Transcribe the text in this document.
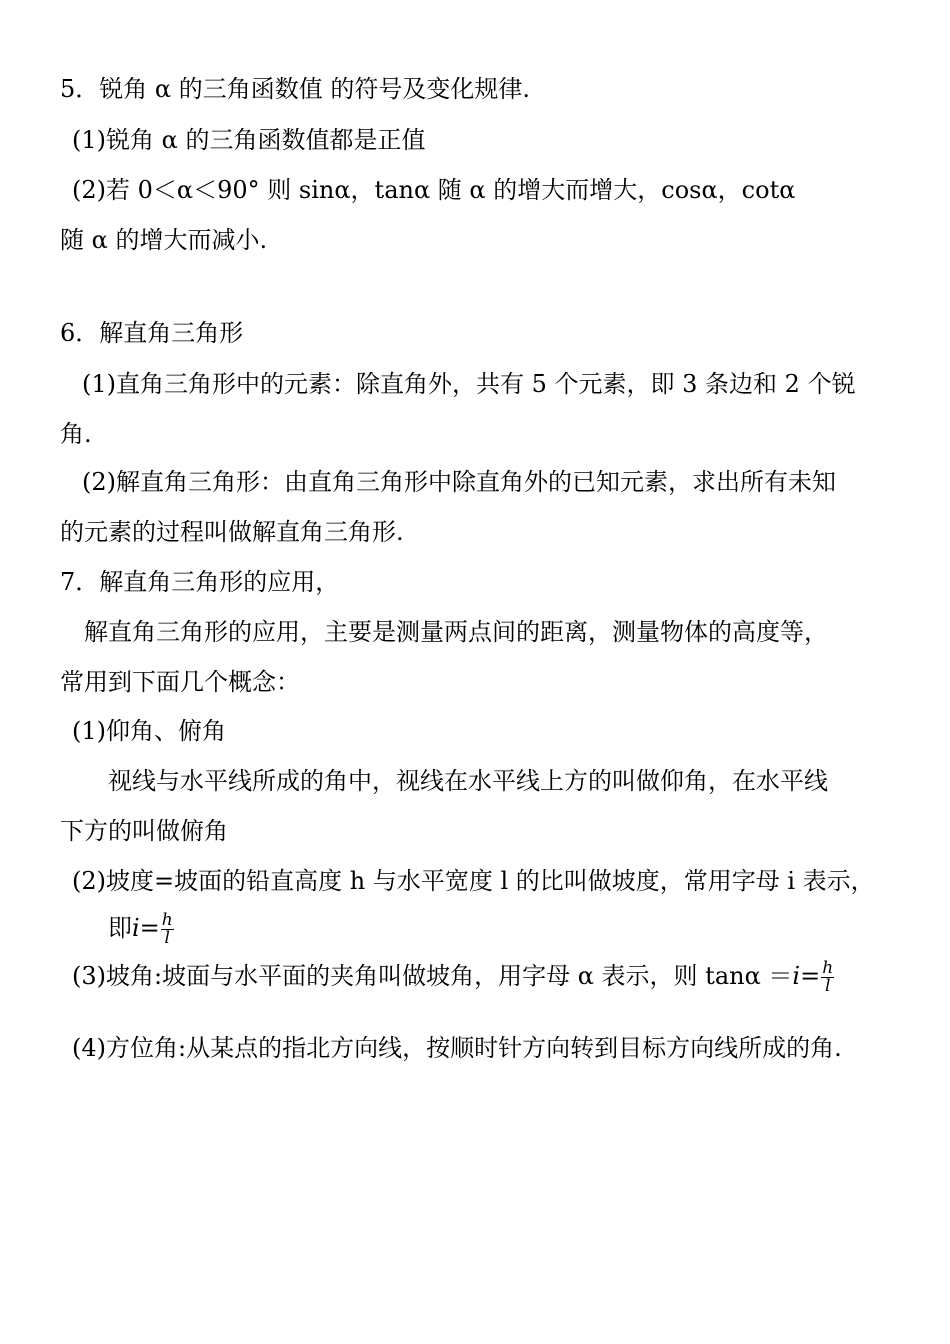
5．锐角 α 的三角函数值 的符号及变化规律.
(1)锐角 α 的三角函数值都是正值
(2)若 0＜α＜90° 则 sinα，tanα 随 α 的增大而增大，cosα，cotα
随 α 的增大而减小.
6．解直角三角形
(1)直角三角形中的元素：除直角外，共有 5 个元素，即 3 条边和 2 个锐
角.
(2)解直角三角形：由直角三角形中除直角外的已知元素，求出所有未知
的元素的过程叫做解直角三角形.
7．解直角三角形的应用，
解直角三角形的应用，主要是测量两点间的距离，测量物体的高度等，
常用到下面几个概念：
(1)仰角、俯角
视线与水平线所成的角中，视线在水平线上方的叫做仰角，在水平线
下方的叫做俯角
(2)坡度=坡面的铅直高度 h 与水平宽度 l 的比叫做坡度，常用字母 i 表示，
即$i= \frac{h}{l}$
(3)坡角:坡面与水平面的夹角叫做坡角，用字母 α 表示，则 $\tan\alpha =i= \frac{h}{l}$
(4)方位角:从某点的指北方向线，按顺时针方向转到目标方向线所成的角.
